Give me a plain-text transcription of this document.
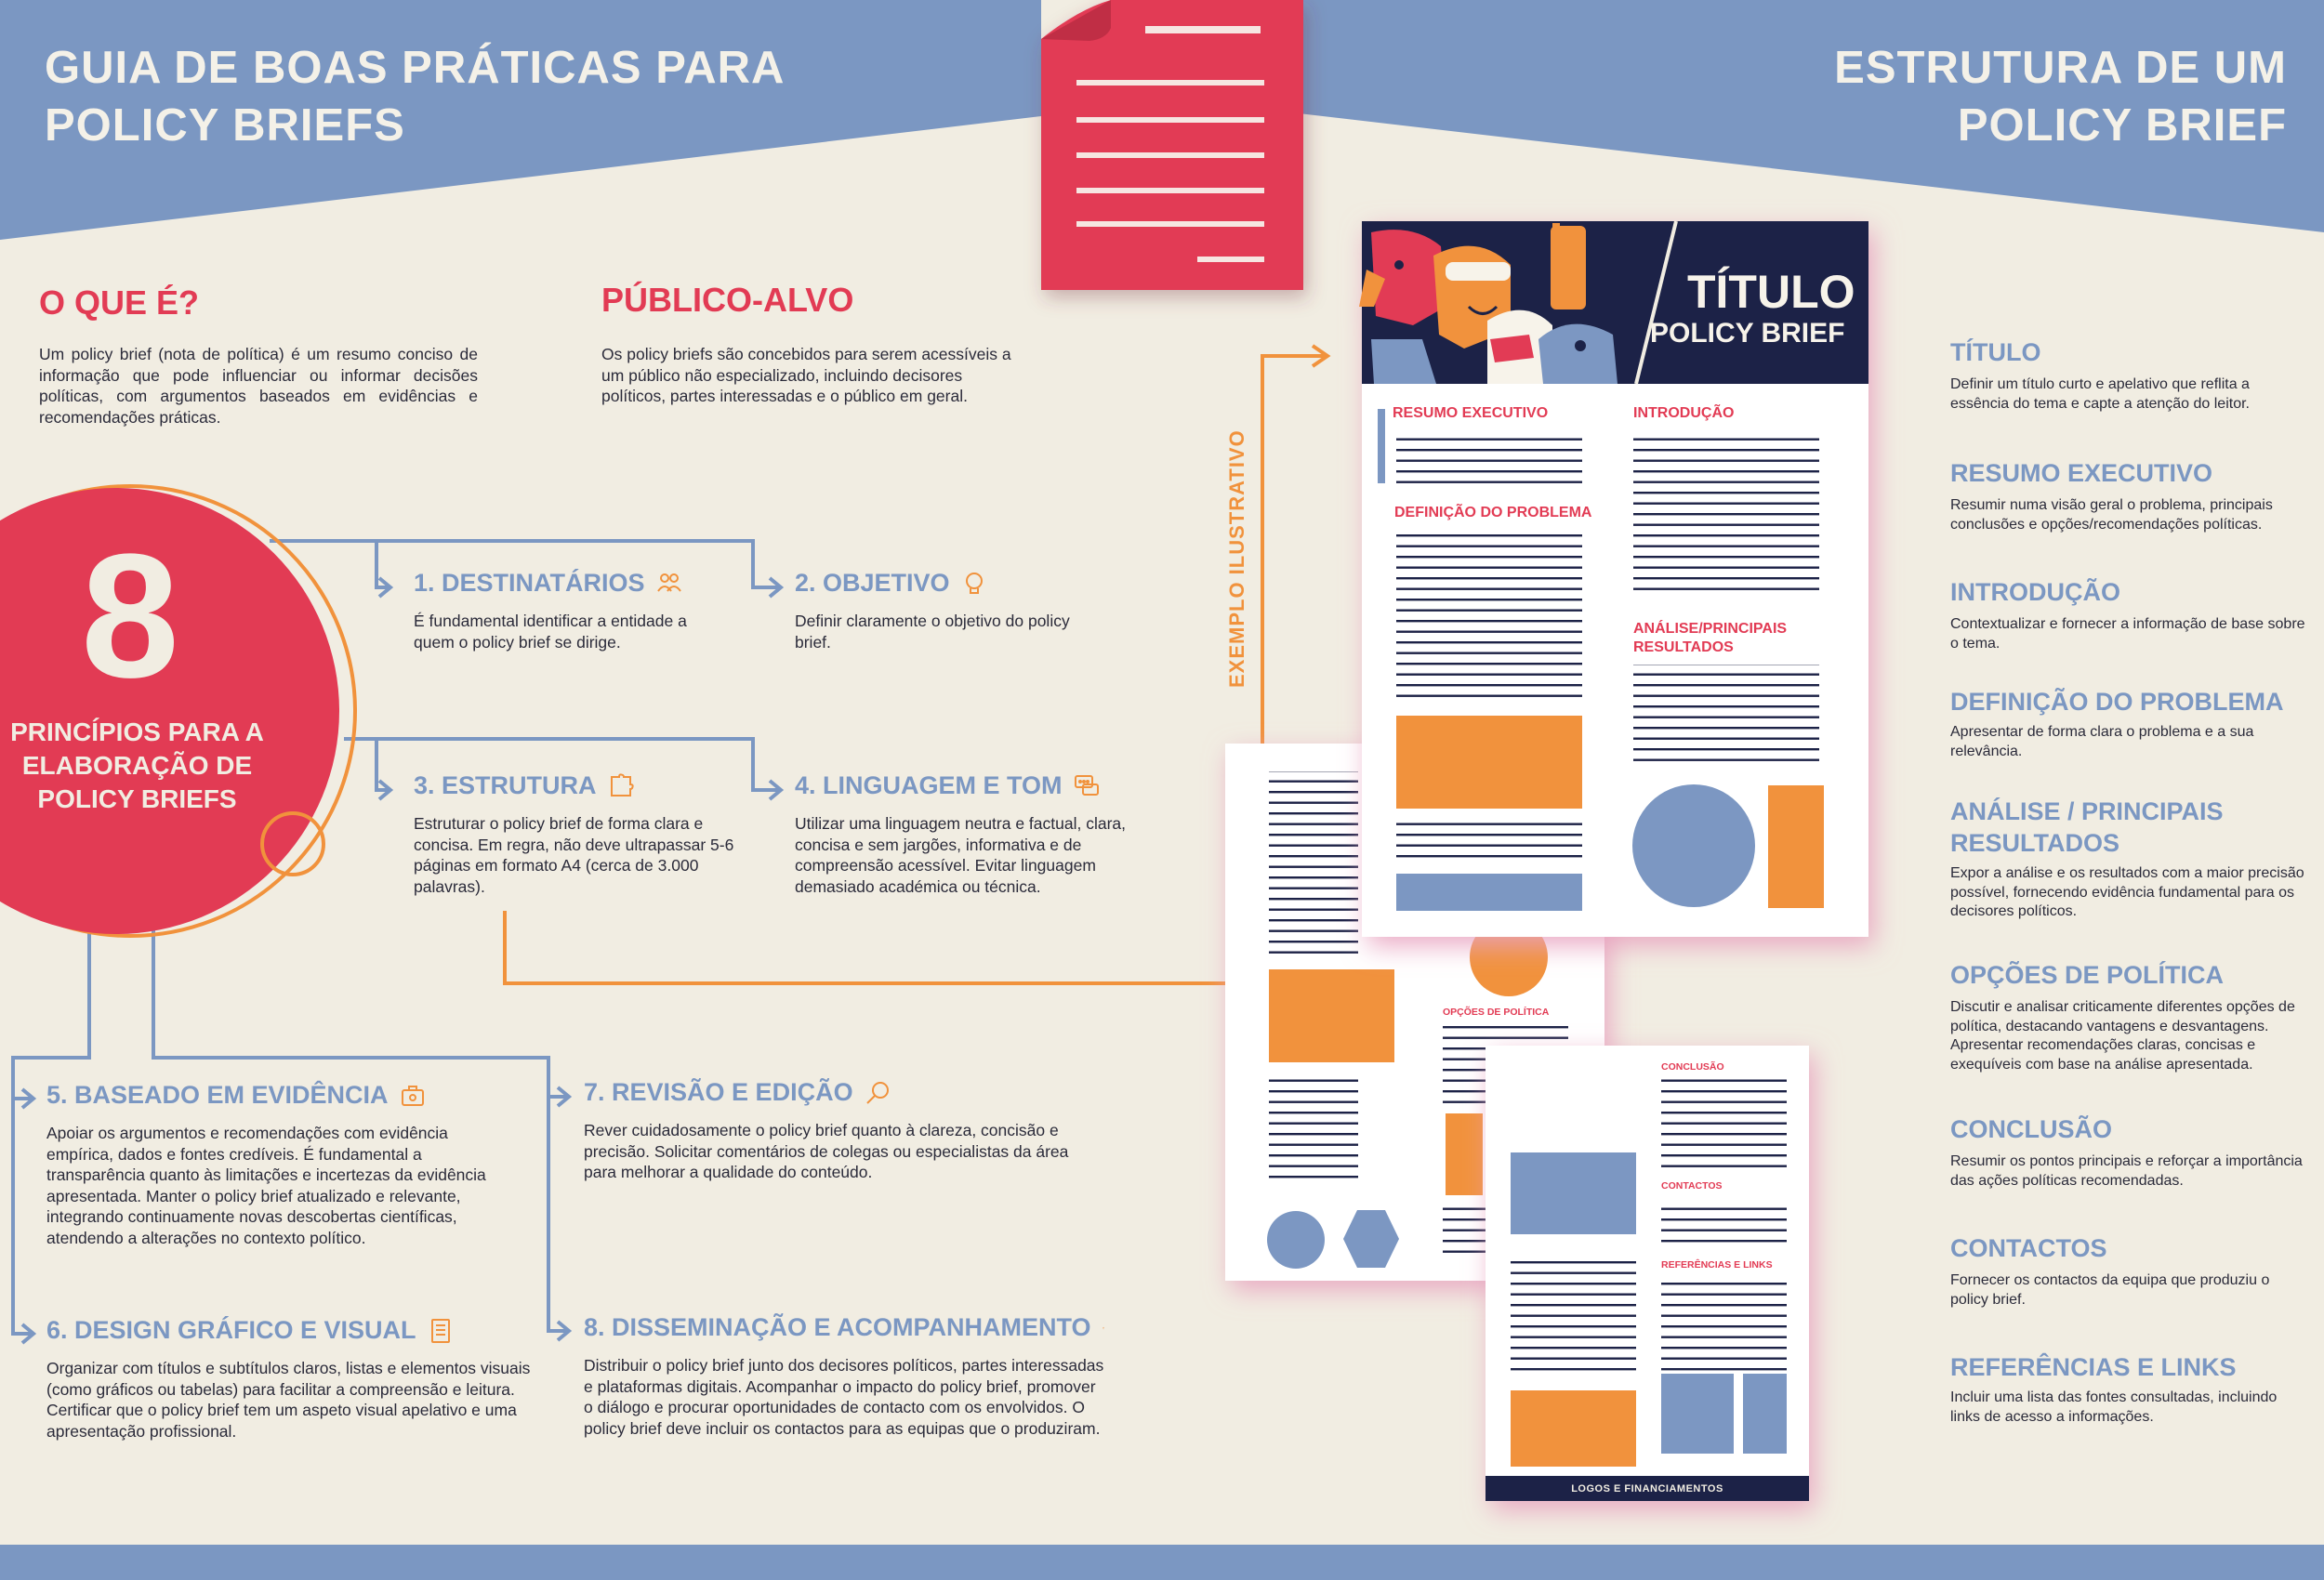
GUIA DE BOAS PRÁTICAS PARA
POLICY BRIEFS
ESTRUTURA DE UM
POLICY BRIEF
O QUE É?
Um policy brief (nota de política) é um resumo conciso de informação que pode influenciar ou informar decisões políticas, com argumentos baseados em evidências e recomendações práticas.
PÚBLICO-ALVO
Os policy briefs são concebidos para serem acessíveis a um público não especializado, incluindo decisores políticos, partes interessadas e o público em geral.
8
PRINCÍPIOS PARA A
ELABORAÇÃO DE
POLICY BRIEFS
1. DESTINATÁRIOS
É fundamental identificar a entidade a quem o policy brief se dirige.
2. OBJETIVO
Definir claramente o objetivo do policy brief.
3. ESTRUTURA
Estruturar o policy brief de forma clara e concisa. Em regra, não deve ultrapassar 5-6 páginas em formato A4 (cerca de 3.000 palavras).
4. LINGUAGEM E TOM
Utilizar uma linguagem neutra e factual, clara, concisa e sem jargões, informativa e de compreensão acessível. Evitar linguagem demasiado académica ou técnica.
5. BASEADO EM EVIDÊNCIA
Apoiar os argumentos e recomendações com evidência empírica, dados e fontes credíveis. É fundamental a transparência quanto às limitações e incertezas da evidência apresentada. Manter o policy brief atualizado e relevante, integrando continuamente novas descobertas científicas, atendendo a alterações no contexto político.
7. REVISÃO E EDIÇÃO
Rever cuidadosamente o policy brief quanto à clareza, concisão e precisão. Solicitar comentários de colegas ou especialistas da área para melhorar a qualidade do conteúdo.
6. DESIGN GRÁFICO E VISUAL
Organizar com títulos e subtítulos claros, listas e elementos visuais (como gráficos ou tabelas) para facilitar a compreensão e leitura. Certificar que o policy brief tem um aspeto visual apelativo e uma apresentação profissional.
8. DISSEMINAÇÃO E ACOMPANHAMENTO
Distribuir o policy brief junto dos decisores políticos, partes interessadas e plataformas digitais. Acompanhar o impacto do policy brief, promover o diálogo e procurar oportunidades de contacto com os envolvidos. O policy brief deve incluir os contactos para as equipas que o produziram.
EXEMPLO ILUSTRATIVO
TÍTULO
POLICY BRIEF
RESUMO EXECUTIVO	INTRODUÇÃO
DEFINIÇÃO DO PROBLEMA
ANÁLISE/PRINCIPAIS
RESULTADOS
OPÇÕES DE POLÍTICA
CONCLUSÃO
CONTACTOS
REFERÊNCIAS E LINKS
LOGOS E FINANCIAMENTOS
TÍTULO
Definir um título curto e apelativo que reflita a essência do tema e capte a atenção do leitor.
RESUMO EXECUTIVO
Resumir numa visão geral o problema, principais conclusões e opções/recomendações políticas.
INTRODUÇÃO
Contextualizar e fornecer a informação de base sobre o tema.
DEFINIÇÃO DO PROBLEMA
Apresentar de forma clara o problema e a sua relevância.
ANÁLISE / PRINCIPAIS RESULTADOS
Expor a análise e os resultados com a maior precisão possível, fornecendo evidência fundamental para os decisores políticos.
OPÇÕES DE POLÍTICA
Discutir e analisar criticamente diferentes opções de política, destacando vantagens e desvantagens. Apresentar recomendações claras, concisas e exequíveis com base na análise apresentada.
CONCLUSÃO
Resumir os pontos principais e reforçar a importância das ações políticas recomendadas.
CONTACTOS
Fornecer os contactos da equipa que produziu o policy brief.
REFERÊNCIAS E LINKS
Incluir uma lista das fontes consultadas, incluindo links de acesso a informações.
